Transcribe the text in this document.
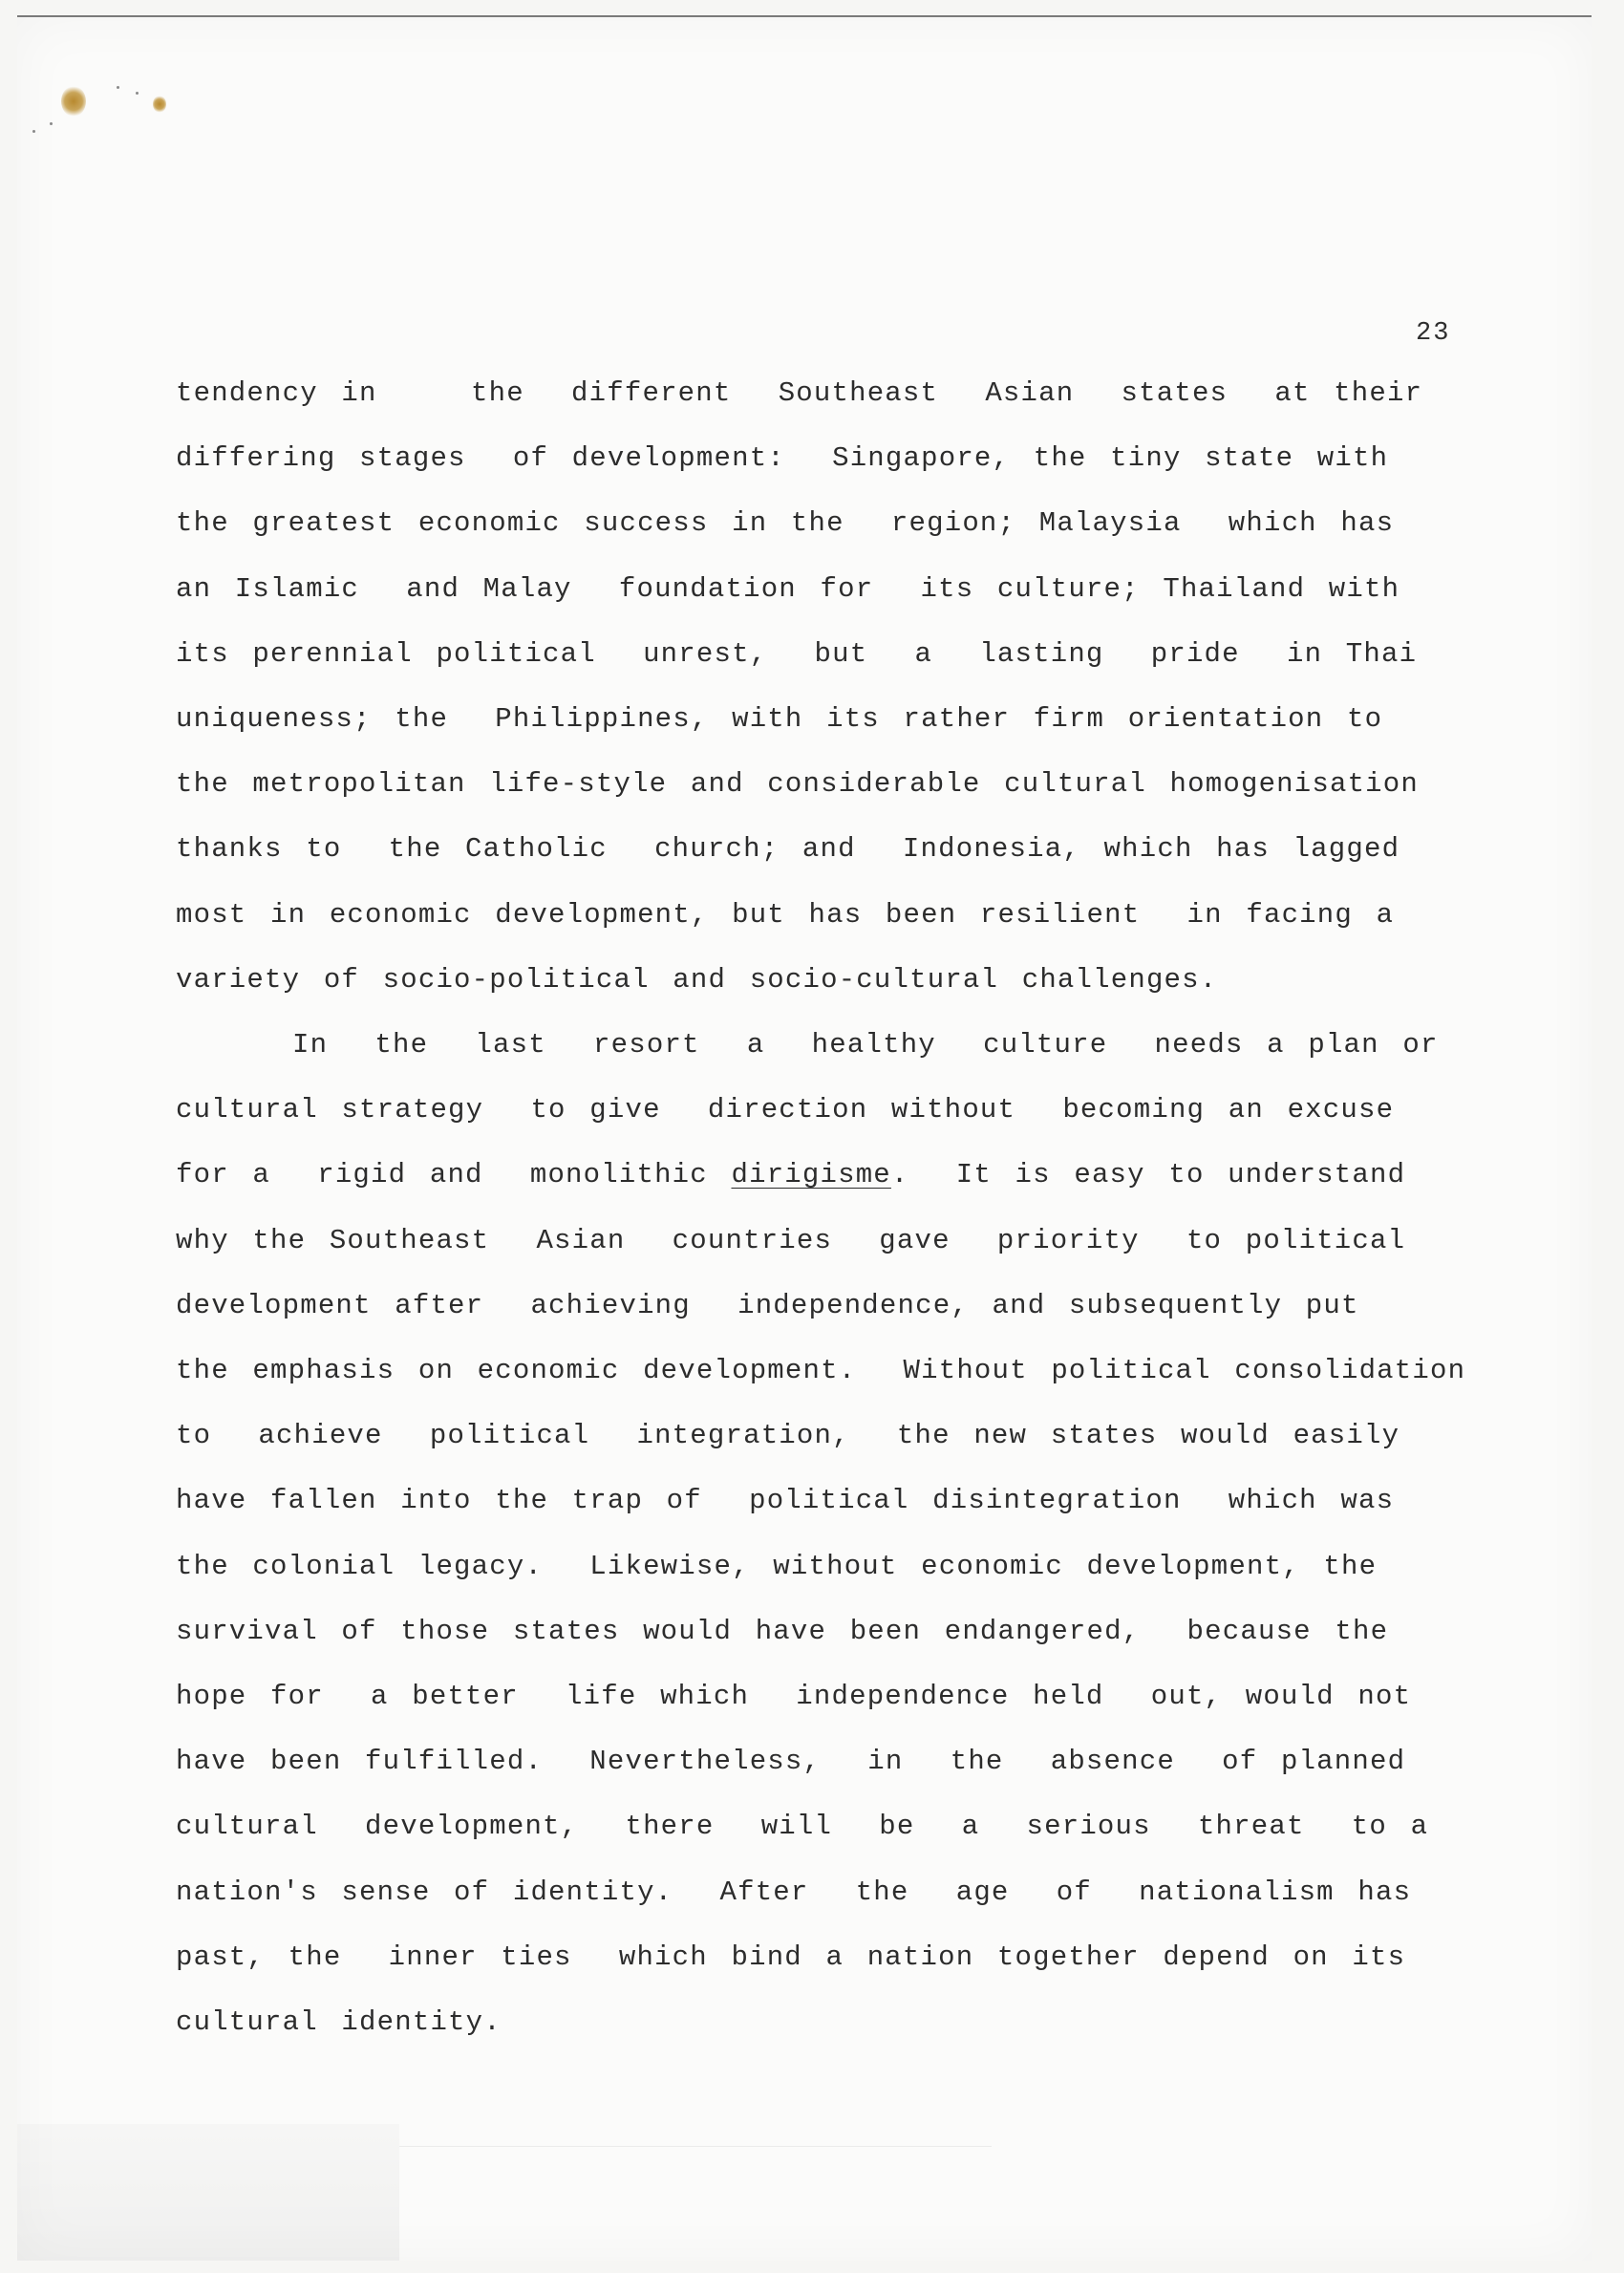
23
tendency in    the  different  Southeast  Asian  states  at their
differing stages  of development:  Singapore, the tiny state with
the greatest economic success in the  region; Malaysia  which has
an Islamic  and Malay  foundation for  its culture; Thailand with
its perennial political  unrest,  but  a  lasting  pride  in Thai
uniqueness; the  Philippines, with its rather firm orientation to
the metropolitan life-style and considerable cultural homogenisation
thanks to  the Catholic  church; and  Indonesia, which has lagged
most in economic development, but has been resilient  in facing a
variety of socio-political and socio-cultural challenges.
In  the  last  resort  a  healthy  culture  needs a plan or
cultural strategy  to give  direction without  becoming an excuse
for a  rigid and  monolithic dirigisme.  It is easy to understand
why the Southeast  Asian  countries  gave  priority  to political
development after  achieving  independence, and subsequently put
the emphasis on economic development.  Without political consolidation
to  achieve  political  integration,  the new states would easily
have fallen into the trap of  political disintegration  which was
the colonial legacy.  Likewise, without economic development, the
survival of those states would have been endangered,  because the
hope for  a better  life which  independence held  out, would not
have been fulfilled.  Nevertheless,  in  the  absence  of planned
cultural  development,  there  will  be  a  serious  threat  to a
nation's sense of identity.  After  the  age  of  nationalism has
past, the  inner ties  which bind a nation together depend on its
cultural identity.
